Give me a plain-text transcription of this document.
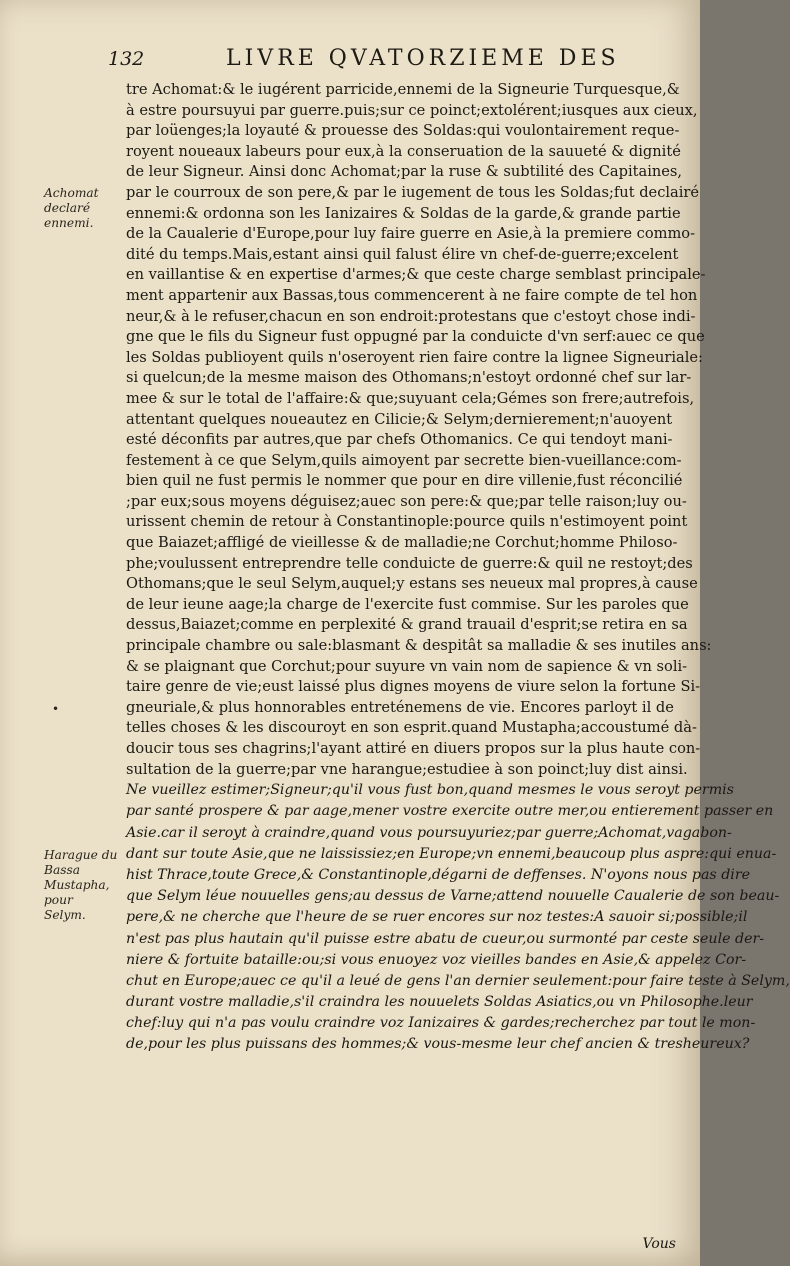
132	LIVRE QVATORZIEME DES
Achomat declaré ennemi.
•
Harague du Bassa Mustapha, pour Selym.
tre Achomat:& le iugérent parricide,ennemi de la Signeurie Turquesque,&
à estre poursuyui par guerre.puis;sur ce poinct;extolérent;iusques aux cieux,
par loüenges;la loyauté & prouesse des Soldas:qui voulontairement reque-
royent noueaux labeurs pour eux,à la conseruation de la sauueté & dignité
de leur Signeur. Ainsi donc Achomat;par la ruse & subtilité des Capitaines,
par le courroux de son pere,& par le iugement de tous les Soldas;fut declairé
ennemi:& ordonna son les Ianizaires & Soldas de la garde,& grande partie
de la Caualerie d'Europe,pour luy faire guerre en Asie,à la premiere commo-
dité du temps.Mais,estant ainsi quil falust élire vn chef-de-guerre;excelent
en vaillantise & en expertise d'armes;& que ceste charge semblast principale-
ment appartenir aux Bassas,tous commencerent à ne faire compte de tel hon
neur,& à le refuser,chacun en son endroit:protestans que c'estoyt chose indi-
gne que le fils du Signeur fust oppugné par la conduicte d'vn serf:auec ce que
les Soldas publioyent quils n'oseroyent rien faire contre la lignee Signeuriale:
si quelcun;de la mesme maison des Othomans;n'estoyt ordonné chef sur lar-
mee & sur le total de l'affaire:& que;suyuant cela;Gémes son frere;autrefois,
attentant quelques noueautez en Cilicie;& Selym;dernierement;n'auoyent
esté déconfits par autres,que par chefs Othomanics. Ce qui tendoyt mani-
festement à ce que Selym,quils aimoyent par secrette bien-vueillance:com-
bien quil ne fust permis le nommer que pour en dire villenie,fust réconcilié
;par eux;sous moyens déguisez;auec son pere:& que;par telle raison;luy ou-
urissent chemin de retour à Constantinople:pource quils n'estimoyent point
que Baiazet;affligé de vieillesse & de malladie;ne Corchut;homme Philoso-
phe;voulussent entreprendre telle conduicte de guerre:& quil ne restoyt;des
Othomans;que le seul Selym,auquel;y estans ses neueux mal propres,à cause
de leur ieune aage;la charge de l'exercite fust commise. Sur les paroles que
dessus,Baiazet;comme en perplexité & grand trauail d'esprit;se retira en sa
principale chambre ou sale:blasmant & despitât sa malladie & ses inutiles ans:
& se plaignant que Corchut;pour suyure vn vain nom de sapience & vn soli-
taire genre de vie;eust laissé plus dignes moyens de viure selon la fortune Si-
gneuriale,& plus honnorables entreténemens de vie. Encores parloyt il de
telles choses & les discouroyt en son esprit.quand Mustapha;accoustumé dà-
doucir tous ses chagrins;l'ayant attiré en diuers propos sur la plus haute con-
sultation de la guerre;par vne harangue;estudiee à son poinct;luy dist ainsi.
Ne vueillez estimer;Signeur;qu'il vous fust bon,quand mesmes le vous seroyt permis
par santé prospere & par aage,mener vostre exercite outre mer,ou entierement passer en
Asie.car il seroyt à craindre,quand vous poursuyuriez;par guerre;Achomat,vagabon-
dant sur toute Asie,que ne laississiez;en Europe;vn ennemi,beaucoup plus aspre:qui enua-
hist Thrace,toute Grece,& Constantinople,dégarni de deffenses. N'oyons nous pas dire
que Selym léue nouuelles gens;au dessus de Varne;attend nouuelle Caualerie de son beau-
pere,& ne cherche que l'heure de se ruer encores sur noz testes:A sauoir si;possible;il
n'est pas plus hautain qu'il puisse estre abatu de cueur,ou surmonté par ceste seule der-
niere & fortuite bataille:ou;si vous enuoyez voz vieilles bandes en Asie,& appelez Cor-
chut en Europe;auec ce qu'il a leué de gens l'an dernier seulement:pour faire teste à Selym,
durant vostre malladie,s'il craindra les nouuelets Soldas Asiatics,ou vn Philosophe.leur
chef:luy qui n'a pas voulu craindre voz Ianizaires & gardes;recherchez par tout le mon-
de,pour les plus puissans des hommes;& vous-mesme leur chef ancien & tresheureux?
Vous
